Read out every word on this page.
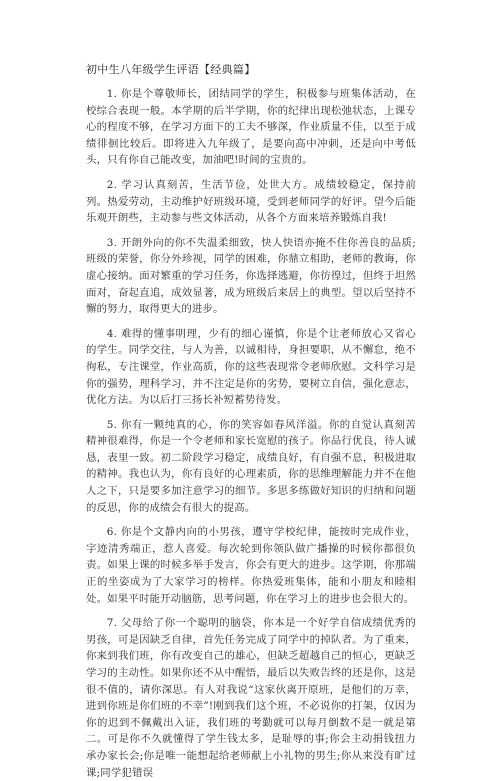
初中生八年级学生评语【经典篇】

1. 你是个尊敬师长，团结同学的学生，积极参与班集体活动，在校综合表现一般。本学期的后半学期，你的纪律出现松弛状态，上课专心的程度不够，在学习方面下的工夫不够深，作业质量不佳，以至于成绩徘徊比较后。即将进入九年级了，是要向高中冲刺，还是向中考低头，只有你自己能改变，加油吧!时间的宝贵的。

2. 学习认真刻苦，生活节俭，处世大方。成绩较稳定，保持前列。热爱劳动，主动维护好班级环境，受到老师同学的好评。望今后能乐观开朗些，主动参与些文体活动，从各个方面来培养锻炼自我!

3. 开朗外向的你不失温柔细致，快人快语亦掩不住你善良的品质;班级的荣誉，你分外珍视，同学的困难，你鼎立相助，老师的教诲，你虚心接纳。面对繁重的学习任务，你选择逃避，你彷徨过，但终于坦然面对，奋起直追，成效显著，成为班级后来居上的典型。望以后坚持不懈的努力，取得更大的进步。

4. 难得的懂事明理，少有的细心谨慎，你是个让老师放心又省心的学生。同学交往，与人为善，以诚相待，身担要职，从不懈怠，绝不徇私，专注课堂，作业高质，你的这些表现常令老师欣慰。文科学习是你的强势，理科学习，并不注定是你的劣势，要树立自信，强化意志，优化方法。为以后打三扬长补短蓄势待发。

5. 你有一颗纯真的心，你的笑容如春风洋溢。你的自觉认真刻苦精神很难得，你是一个令老师和家长宽慰的孩子。你品行优良，待人诚恳，表里一致。初二阶段学习稳定，成绩良好，有自强不息，积极进取的精神。我也认为，你有良好的心理素质，你的思维理解能力并不在他人之下，只是要多加注意学习的细节。多思多练做好知识的归纳和问题的反思，你的成绩会有很大的提高。

6. 你是个文静内向的小男孩，遵守学校纪律，能按时完成作业，字迹清秀端正，惹人喜爱。每次轮到你领队做广播操的时候你都很负责。如果上课的时候多举手发言，你会有更大的进步。这学期，你那端正的坐姿成为了大家学习的榜样。你热爱班集体，能和小朋友和睦相处。如果平时能开动脑筋，思考问题，你在学习上的进步也会很大的。

7. 父母给了你一个聪明的脑袋，你本是一个好学自信成绩优秀的男孩，可是因缺乏自律，首先任务完成了同学中的掉队者。为了重来，你来到我们班，你有改变自己的雄心，但缺乏超越自己的恒心，更缺乏学习的主动性。如果你还不从中醒悟，最后以失败告终的还是你，这是很不值的，请你深思。有人对我说“这家伙离开原班，是他们的万幸，进到你班是你们班的不幸”!刚到我们这个班，不必说你的打架，仅因为你的迟到不佩戴出入证，我们班的考勤就可以每月倒数不是一就是第二。可是你不久就懂得了学生钱太多，是耻辱的事;你会主动捐钱扭力承办家长会;你是唯一能想起给老师献上小礼物的男生;你从来没有旷过课;同学犯错误
